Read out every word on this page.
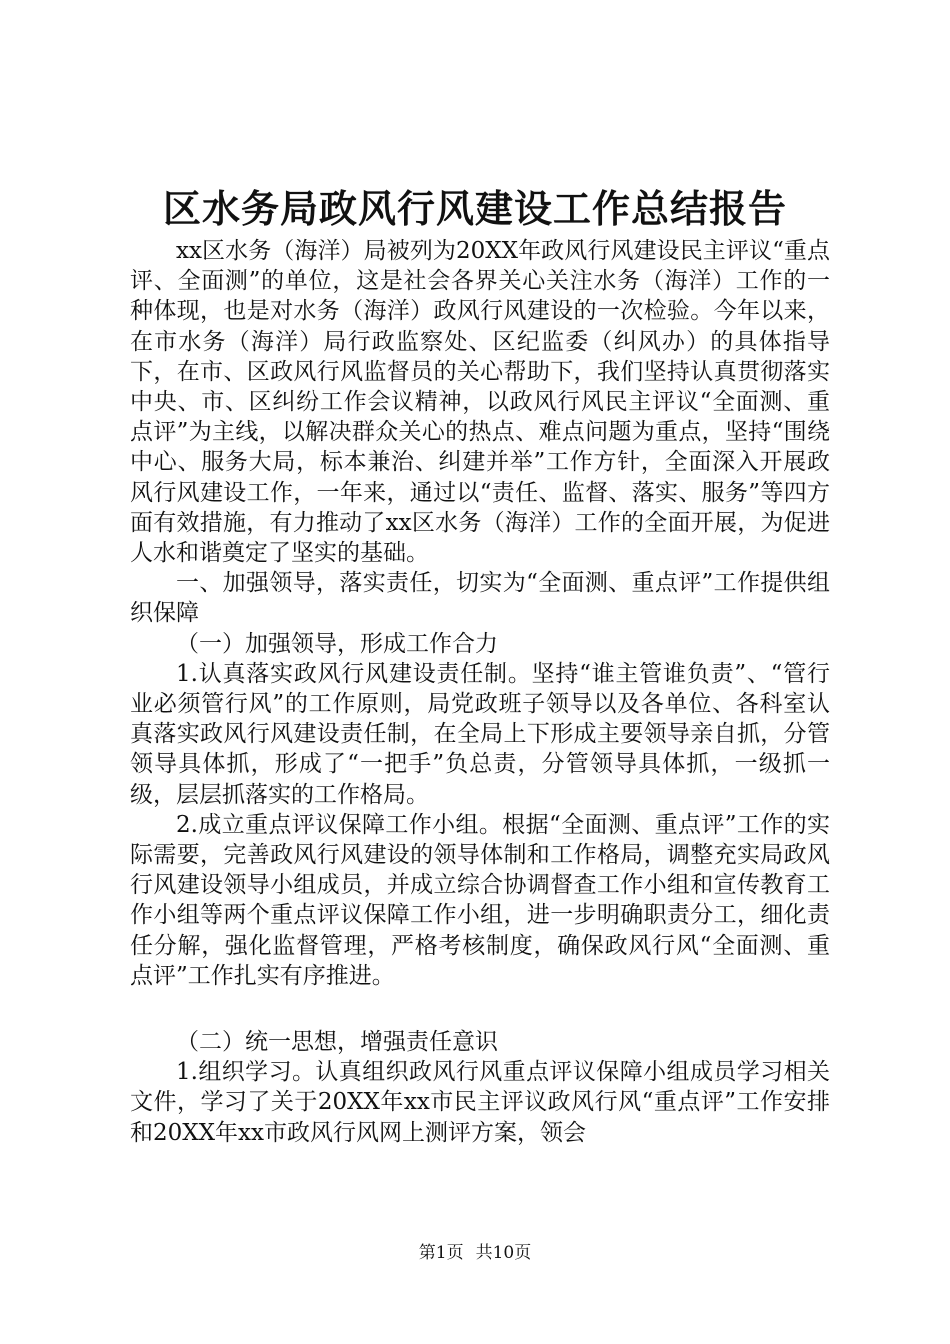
区水务局政风行风建设工作总结报告

xx区水务（海洋）局被列为20XX年政风行风建设民主评议“重点评、全面测”的单位，这是社会各界关心关注水务（海洋）工作的一种体现，也是对水务（海洋）政风行风建设的一次检验。今年以来，在市水务（海洋）局行政监察处、区纪监委（纠风办）的具体指导下，在市、区政风行风监督员的关心帮助下，我们坚持认真贯彻落实中央、市、区纠纷工作会议精神，以政风行风民主评议“全面测、重点评”为主线，以解决群众关心的热点、难点问题为重点，坚持“围绕中心、服务大局，标本兼治、纠建并举”工作方针，全面深入开展政风行风建设工作，一年来，通过以“责任、监督、落实、服务”等四方面有效措施，有力推动了xx区水务（海洋）工作的全面开展，为促进人水和谐奠定了坚实的基础。

一、加强领导，落实责任，切实为“全面测、重点评”工作提供组织保障

（一）加强领导，形成工作合力

1.认真落实政风行风建设责任制。坚持“谁主管谁负责”、“管行业必须管行风”的工作原则，局党政班子领导以及各单位、各科室认真落实政风行风建设责任制，在全局上下形成主要领导亲自抓，分管领导具体抓，形成了“一把手”负总责，分管领导具体抓，一级抓一级，层层抓落实的工作格局。

2.成立重点评议保障工作小组。根据“全面测、重点评”工作的实际需要，完善政风行风建设的领导体制和工作格局，调整充实局政风行风建设领导小组成员，并成立综合协调督查工作小组和宣传教育工作小组等两个重点评议保障工作小组，进一步明确职责分工，细化责任分解，强化监督管理，严格考核制度，确保政风行风“全面测、重点评”工作扎实有序推进。

（二）统一思想，增强责任意识

1.组织学习。认真组织政风行风重点评议保障小组成员学习相关文件，学习了关于20XX年xx市民主评议政风行风“重点评”工作安排和20XX年xx市政风行风网上测评方案，领会

第1页 共10页
